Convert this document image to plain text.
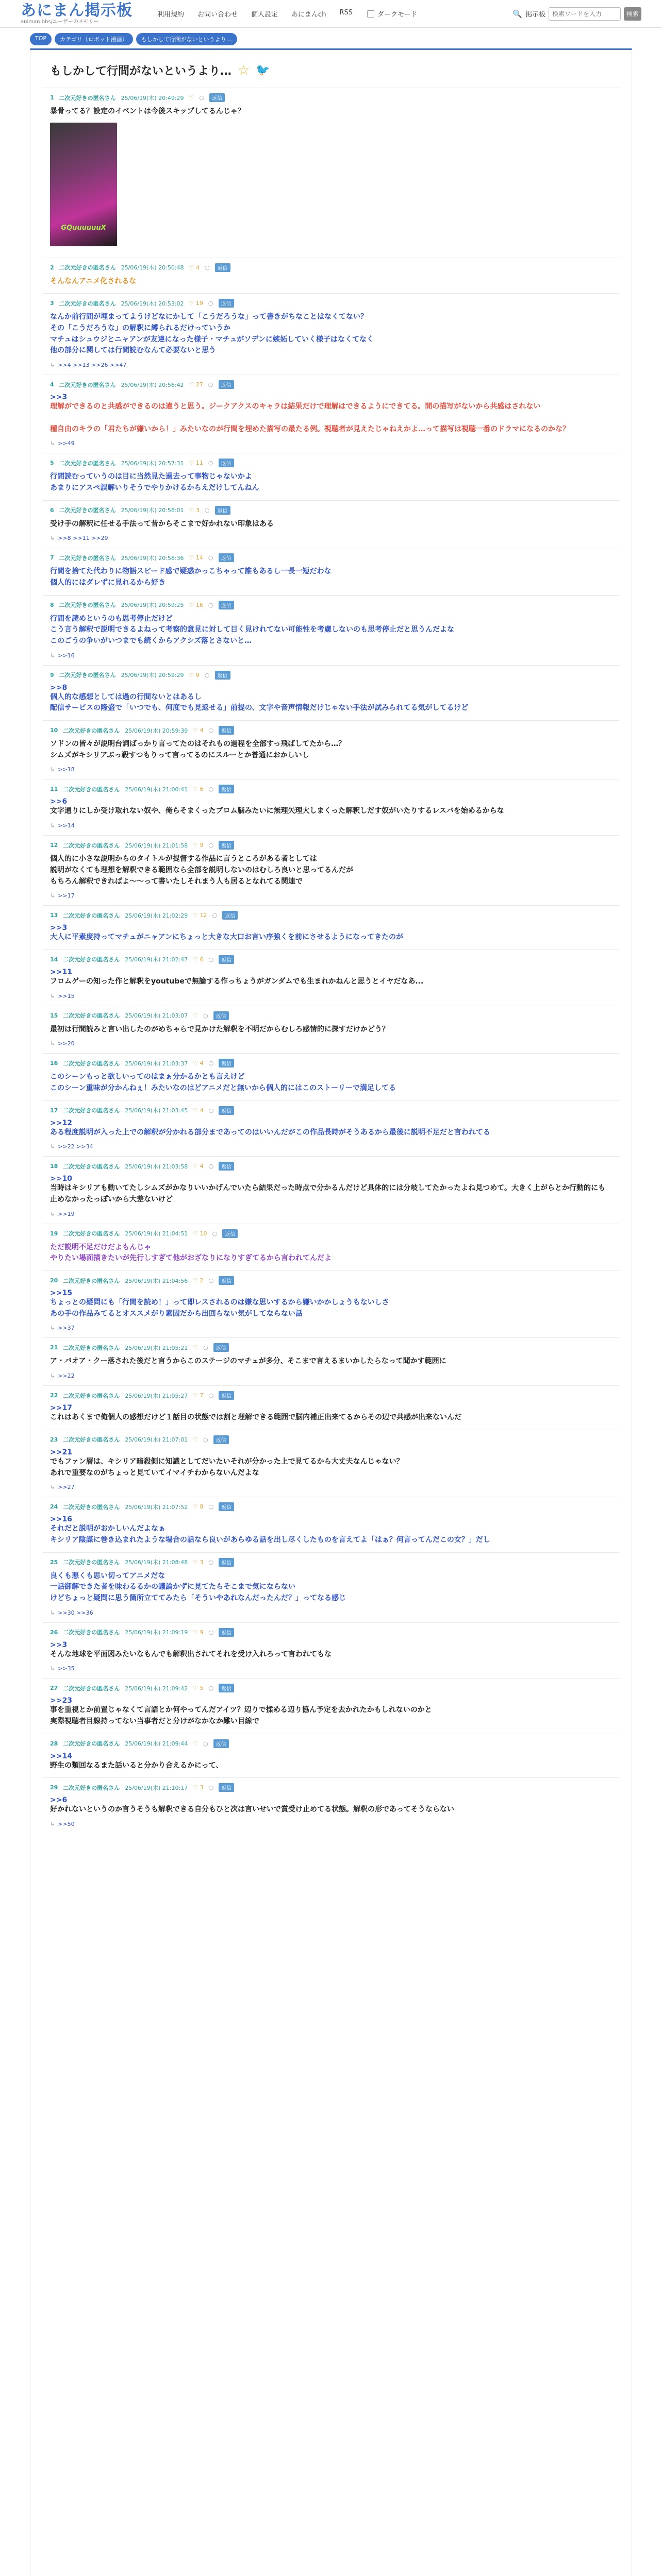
あにまん掲示板
animan bbs/ユーザーのメモリー
利用規約 お問い合わせ 個人設定 あにまんch RSS	ダークモード	🔍 掲示板
検索ワードを入力	検索
TOP	カテゴリ（ロボット漫画）	もしかして行間がないというより…
もしかして行間がないというより… ☆ 🐦
1 二次元好きの匿名さん 25/06/19(木) 20:49:29 ♡ ○	返信
暴骨ってる？設定のイベントは今後スキップしてるんじゃ？
GQuuuuuuX
2 二次元好きの匿名さん 25/06/19(木) 20:50:48 ♡ 4 ○	返信
そんなんアニメ化されるな
3 二次元好きの匿名さん 25/06/19(木) 20:53:02 ♡ 19 ○	返信
なんか前行間が埋まってようけどなにかして「こうだろうな」って書きがちなことはなくてない？
その「こうだろうな」の解釈に縛られるだけっていうか
マチュはシュウジとニャアンが友達になった様子・マチュがソデンに嫉妬していく様子はなくてなく
他の部分に関しては行間読むなんて必要ないと思う
↳ >>4 >>13 >>26 >>47
4 二次元好きの匿名さん 25/06/19(木) 20:56:42 ♡ 27 ○	返信
>>3
理解ができるのと共感ができるのは違うと思う。ジークアクスのキャラは結果だけで理解はできるようにできてる。間の描写がないから共感はされない

種自由のキラの「君たちが嫌いから！」みたいなのが行間を埋めた描写の最たる例。視聴者が見えたじゃねえかよ…って描写は視聴一番のドラマになるのかな？
↳ >>49
5 二次元好きの匿名さん 25/06/19(木) 20:57:31 ♡ 11 ○	返信
行間読むっていうのは目に当然見た過去って事物じゃないかよ
あまりにアスペ誤解いりそうでやりかけるからえだけしてんねん
6 二次元好きの匿名さん 25/06/19(木) 20:58:01 ♡ 3 ○	返信
受け手の解釈に任せる手法って昔からそこまで好かれない印象はある
↳ >>8 >>11 >>29
7 二次元好きの匿名さん 25/06/19(木) 20:58:36 ♡ 14 ○	返信
行間を捨てた代わりに物語スピード感で疑惑かっこちゃって誰もあるし一長一短だわな
個人的にはダレずに見れるから好き
8 二次元好きの匿名さん 25/06/19(木) 20:59:25 ♡ 16 ○	返信
行間を読めというのも思考停止だけど
こう言う解釈で説明できるよねって考察的意見に対して目く見けれてない可能性を考慮しないのも思考停止だと思うんだよな
このごうの争いがいつまでも続くからアクシズ落とさないと…
↳ >>16
9 二次元好きの匿名さん 25/06/19(木) 20:59:29 ♡ 9 ○	返信
>>8
個人的な感想としては過の行間ないとはあるし
配信サービスの隆盛で「いつでも、何度でも見返せる」前提の、文字や音声情報だけじゃない手法が試みられてる気がしてるけど
10 二次元好きの匿名さん 25/06/19(木) 20:59:39 ♡ 4 ○	返信
ソドンの皆々が説明台詞ばっかり言ってたのはそれもの過程を全部すっ飛ばしてたから…？
シムズがキシリアぶっ殺すつもりって言ってるのにスルーとか普通におかしいし
↳ >>18
11 二次元好きの匿名さん 25/06/19(木) 21:00:41 ♡ 6 ○	返信
>>6
文字通りにしか受け取れない奴や、俺らそまくったブロム脳みたいに無理矢理大しまくった解釈しだす奴がいたりするレスバを始めるからな
↳ >>14
12 二次元好きの匿名さん 25/06/19(木) 21:01:58 ♡ 9 ○	返信
個人的に小さな説明からのタイトルが提督する作品に言うところがある者としては
説明がなくても理想を解釈できる範囲なら全部を説明しないのはむしろ良いと思ってるんだが
もちろん解釈できればよ～～って書いたしそれまう人も居るとなれてる関連で
↳ >>17
13 二次元好きの匿名さん 25/06/19(木) 21:02:29 ♡ 12 ○	返信
>>3
大人に平素度持ってマチュがニャアンにちょっと大きな大口お言い序強くを前にさせるようになってきたのが
14 二次元好きの匿名さん 25/06/19(木) 21:02:47 ♡ 6 ○	返信
>>11
フロムゲーの知った作と解釈をyoutubeで無論する作っちょうがガンダムでも生まれかねんと思うとイヤだなあ...
↳ >>15
15 二次元好きの匿名さん 25/06/19(木) 21:03:07 ♡ ○	返信
最初は行間読みと言い出したのがめちゃらで見かけた解釈を不明だからむしろ感情的に探すだけかどう？
↳ >>20
16 二次元好きの匿名さん 25/06/19(木) 21:03:37 ♡ 4 ○	返信
このシーンもっと欲しいってのはまぁ分かるかとも言えけど
このシーン重味が分かんねぇ！みたいなのはどアニメだと無いから個人的にはこのストーリーで満足してる
17 二次元好きの匿名さん 25/06/19(木) 21:03:45 ♡ 4 ○	返信
>>12
ある程度説明が入った上での解釈が分かれる部分まであってのはいいんだがこの作品長時がそうあるから最後に説明不足だと言われてる
↳ >>22 >>34
18 二次元好きの匿名さん 25/06/19(木) 21:03:58 ♡ 4 ○	返信
>>10
当時はキシリアも動いてたしシムズがかなりいいかげんでいたら結果だった時点で分かるんだけど具体的には分岐してたかったよね見つめて。大きく上がらとか行動的にも止めなかったっぽいから大差ないけど
↳ >>19
19 二次元好きの匿名さん 25/06/19(木) 21:04:51 ♡ 10 ○	返信
ただ説明不足だけだよもんじゃ
やりたい場面描きたいが先行しすぎて他がおざなりになりすぎてるから言われてんだよ
20 二次元好きの匿名さん 25/06/19(木) 21:04:56 ♡ 2 ○	返信
>>15
ちょっとの疑問にも「行間を読め！」って即レスされるのは嫌な思いするから嫌いかかしょうもないしさ
あの手の作品みてるとオススメがり素因だから出回らない気がしてならない話
↳ >>37
21 二次元好きの匿名さん 25/06/19(木) 21:05:21 ♡ ○	返信
ア・バオア・クー落された後だと言うからこのステージのマチュが多分、そこまで言えるまいかしたらなって聞かす範囲に
↳ >>22
22 二次元好きの匿名さん 25/06/19(木) 21:05:27 ♡ 7 ○	返信
>>17
これはあくまで俺個人の感想だけど１話目の状態では割と理解できる範囲で脳内補正出来てるからその辺で共感が出来ないんだ
23 二次元好きの匿名さん 25/06/19(木) 21:07:01 ♡ ○	返信
>>21
でもファン層は、キシリア暗殺側に知識としてだいたいそれが分かった上で見てるから大丈夫なんじゃない？
あれで重要なのがちょっと見ていてイマイチわからないんだよな
↳ >>27
24 二次元好きの匿名さん 25/06/19(木) 21:07:52 ♡ 8 ○	返信
>>16
それだと説明がおかしいんだよなぁ
キシリア陰謀に巻き込まれたような場合の話なら良いがあらゆる話を出し尽くしたものを言えてよ「はぁ？何言ってんだこの女？」だし
25 二次元好きの匿名さん 25/06/19(木) 21:08:48 ♡ 3 ○	返信
良くも悪くも思い切ってアニメだな
一話御解できた者を味わるるかの議論かずに見てたらそこまで気にならない
けどちょっと疑問に思う箇所立ててみたら「そういやあれなんだったんだ？」ってなる感じ
↳ >>30 >>36
26 二次元好きの匿名さん 25/06/19(木) 21:09:19 ♡ 9 ○	返信
>>3
そんな地球を平面図みたいなもんでも解釈出されてそれを受け入れろって言われてもな
↳ >>35
27 二次元好きの匿名さん 25/06/19(木) 21:09:42 ♡ 5 ○	返信
>>23
事を重視とか前置じゃなくて言語とか何やってんだアイツ？辺りで揉める辺り協ん予定を去かれたかもしれないのかと
実際視聴者目線持ってない当事者だと分けがなかなか難い目線で
28 二次元好きの匿名さん 25/06/19(木) 21:09:44 ♡ ○	返信
>>14
野生の類回なるまた話いると分かり合えるかにって、
29 二次元好きの匿名さん 25/06/19(木) 21:10:17 ♡ 3 ○	返信
>>6
好かれないというのか言うそうも解釈できる自分もひと次は言いせいで賞受け止めてる状態。解釈の形であってそうならない
↳ >>50
